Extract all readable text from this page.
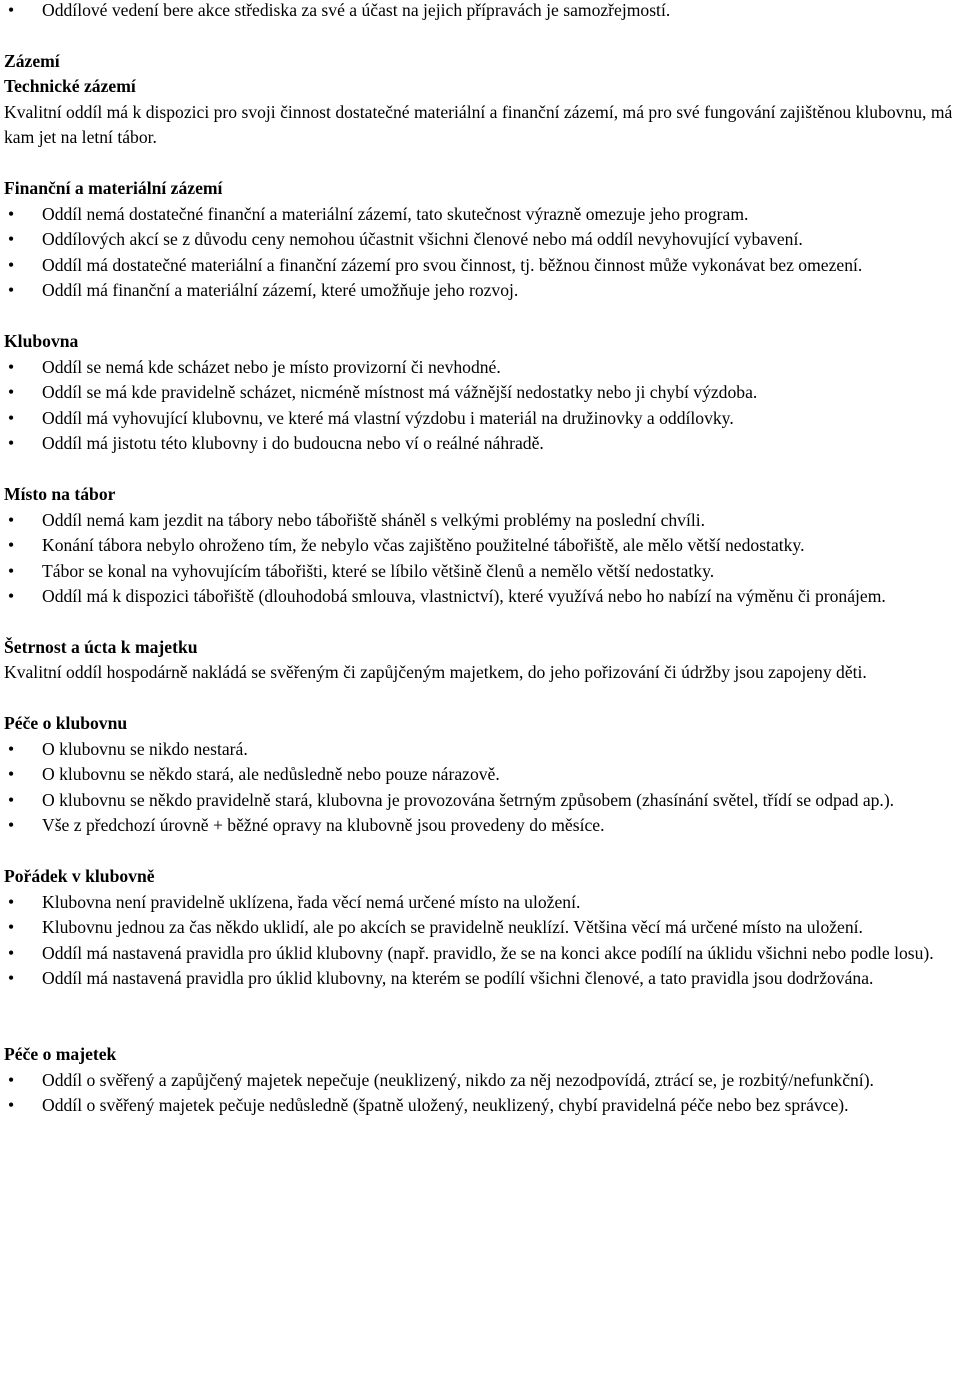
• Oddílové vedení bere akce střediska za své a účast na jejich přípravách je samozřejmostí.

Zázemí

Technické zázemí

Kvalitní oddíl má k dispozici pro svoji činnost dostatečné materiální a finanční zázemí, má pro své fungování zajištěnou klubovnu, má kam jet na letní tábor.

Finanční a materiální zázemí

• Oddíl nemá dostatečné finanční a materiální zázemí, tato skutečnost výrazně omezuje jeho program.
• Oddílových akcí se z důvodu ceny nemohou účastnit všichni členové nebo má oddíl nevyhovující vybavení.
• Oddíl má dostatečné materiální a finanční zázemí pro svou činnost, tj. běžnou činnost může vykonávat bez omezení.
• Oddíl má finanční a materiální zázemí, které umožňuje jeho rozvoj.

Klubovna

• Oddíl se nemá kde scházet nebo je místo provizorní či nevhodné.
• Oddíl se má kde pravidelně scházet, nicméně místnost má vážnější nedostatky nebo ji chybí výzdoba.
• Oddíl má vyhovující klubovnu, ve které má vlastní výzdobu i materiál na družinovky a oddílovky.
• Oddíl má jistotu této klubovny i do budoucna nebo ví o reálné náhradě.

Místo na tábor

• Oddíl nemá kam jezdit na tábory nebo tábořiště sháněl s velkými problémy na poslední chvíli.
• Konání tábora nebylo ohroženo tím, že nebylo včas zajištěno použitelné tábořiště, ale mělo větší nedostatky.
• Tábor se konal na vyhovujícím tábořišti, které se líbilo většině členů a nemělo větší nedostatky.
• Oddíl má k dispozici tábořiště (dlouhodobá smlouva, vlastnictví), které využívá nebo ho nabízí na výměnu či pronájem.

Šetrnost a úcta k majetku

Kvalitní oddíl hospodárně nakládá se svěřeným či zapůjčeným majetkem, do jeho pořizování či údržby jsou zapojeny děti.

Péče o klubovnu

• O klubovnu se nikdo nestará.
• O klubovnu se někdo stará, ale nedůsledně nebo pouze nárazově.
• O klubovnu se někdo pravidelně stará, klubovna je provozována šetrným způsobem (zhasínání světel, třídí se odpad ap.).
• Vše z předchozí úrovně + běžné opravy na klubovně jsou provedeny do měsíce.

Pořádek v klubovně

• Klubovna není pravidelně uklízena, řada věcí nemá určené místo na uložení.
• Klubovnu jednou za čas někdo uklidí, ale po akcích se pravidelně neuklízí. Většina věcí má určené místo na uložení.
• Oddíl má nastavená pravidla pro úklid klubovny (např. pravidlo, že se na konci akce podílí na úklidu všichni nebo podle losu).
• Oddíl má nastavená pravidla pro úklid klubovny, na kterém se podílí všichni členové, a tato pravidla jsou dodržována.

Péče o majetek

• Oddíl o svěřený a zapůjčený majetek nepečuje (neuklizený, nikdo za něj nezodpovídá, ztrácí se, je rozbitý/nefunkční).
• Oddíl o svěřený majetek pečuje nedůsledně (špatně uložený, neuklizený, chybí pravidelná péče nebo bez správce).
